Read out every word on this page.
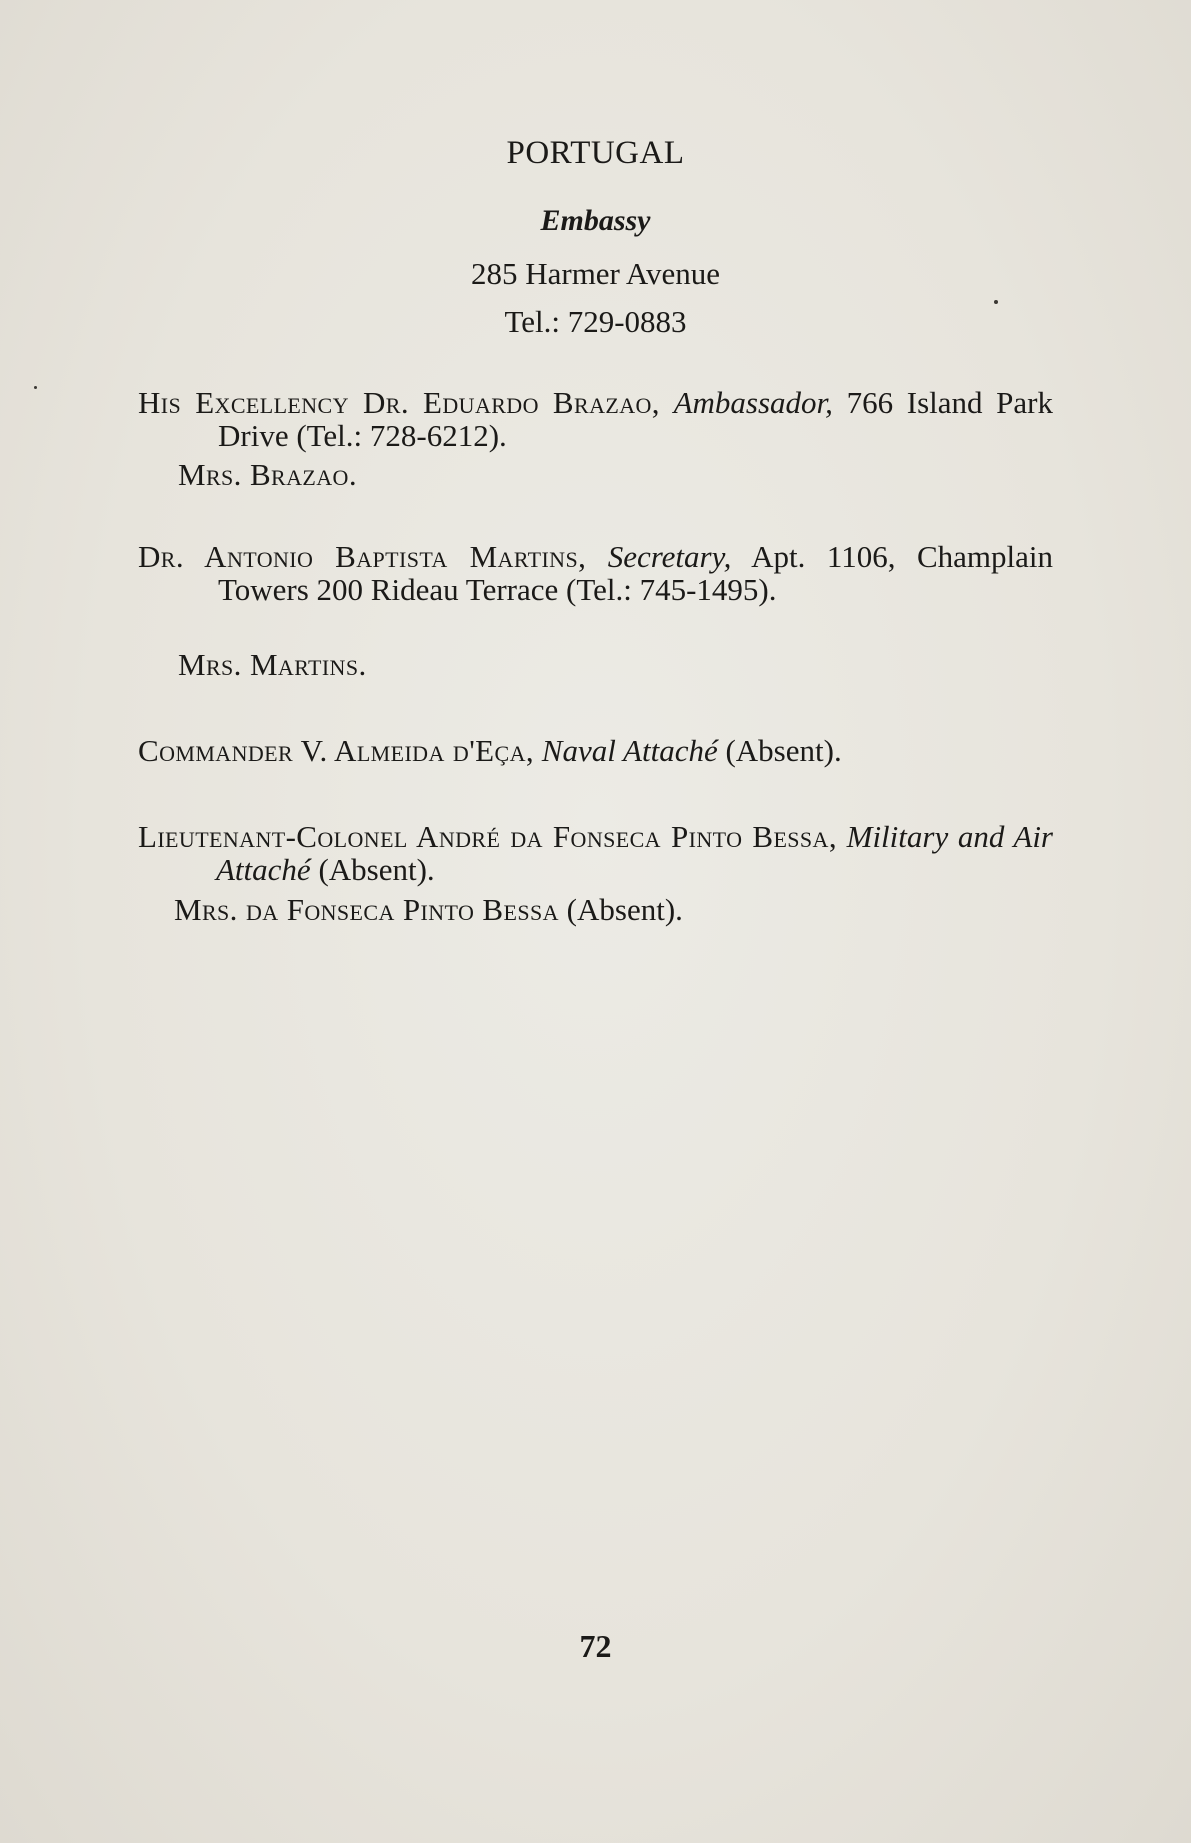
PORTUGAL
Embassy
285 Harmer Avenue
Tel.: 729-0883

His Excellency Dr. Eduardo Brazao, Ambassador, 766 Island Park Drive (Tel.: 728-6212).

Mrs. Brazao.

Dr. Antonio Baptista Martins, Secretary, Apt. 1106, Champlain Towers 200 Rideau Terrace (Tel.: 745-1495).

Mrs. Martins.

Commander V. Almeida d'Eça, Naval Attaché (Absent).

Lieutenant-Colonel André da Fonseca Pinto Bessa, Military and Air Attaché (Absent).

Mrs. da Fonseca Pinto Bessa (Absent).
72
